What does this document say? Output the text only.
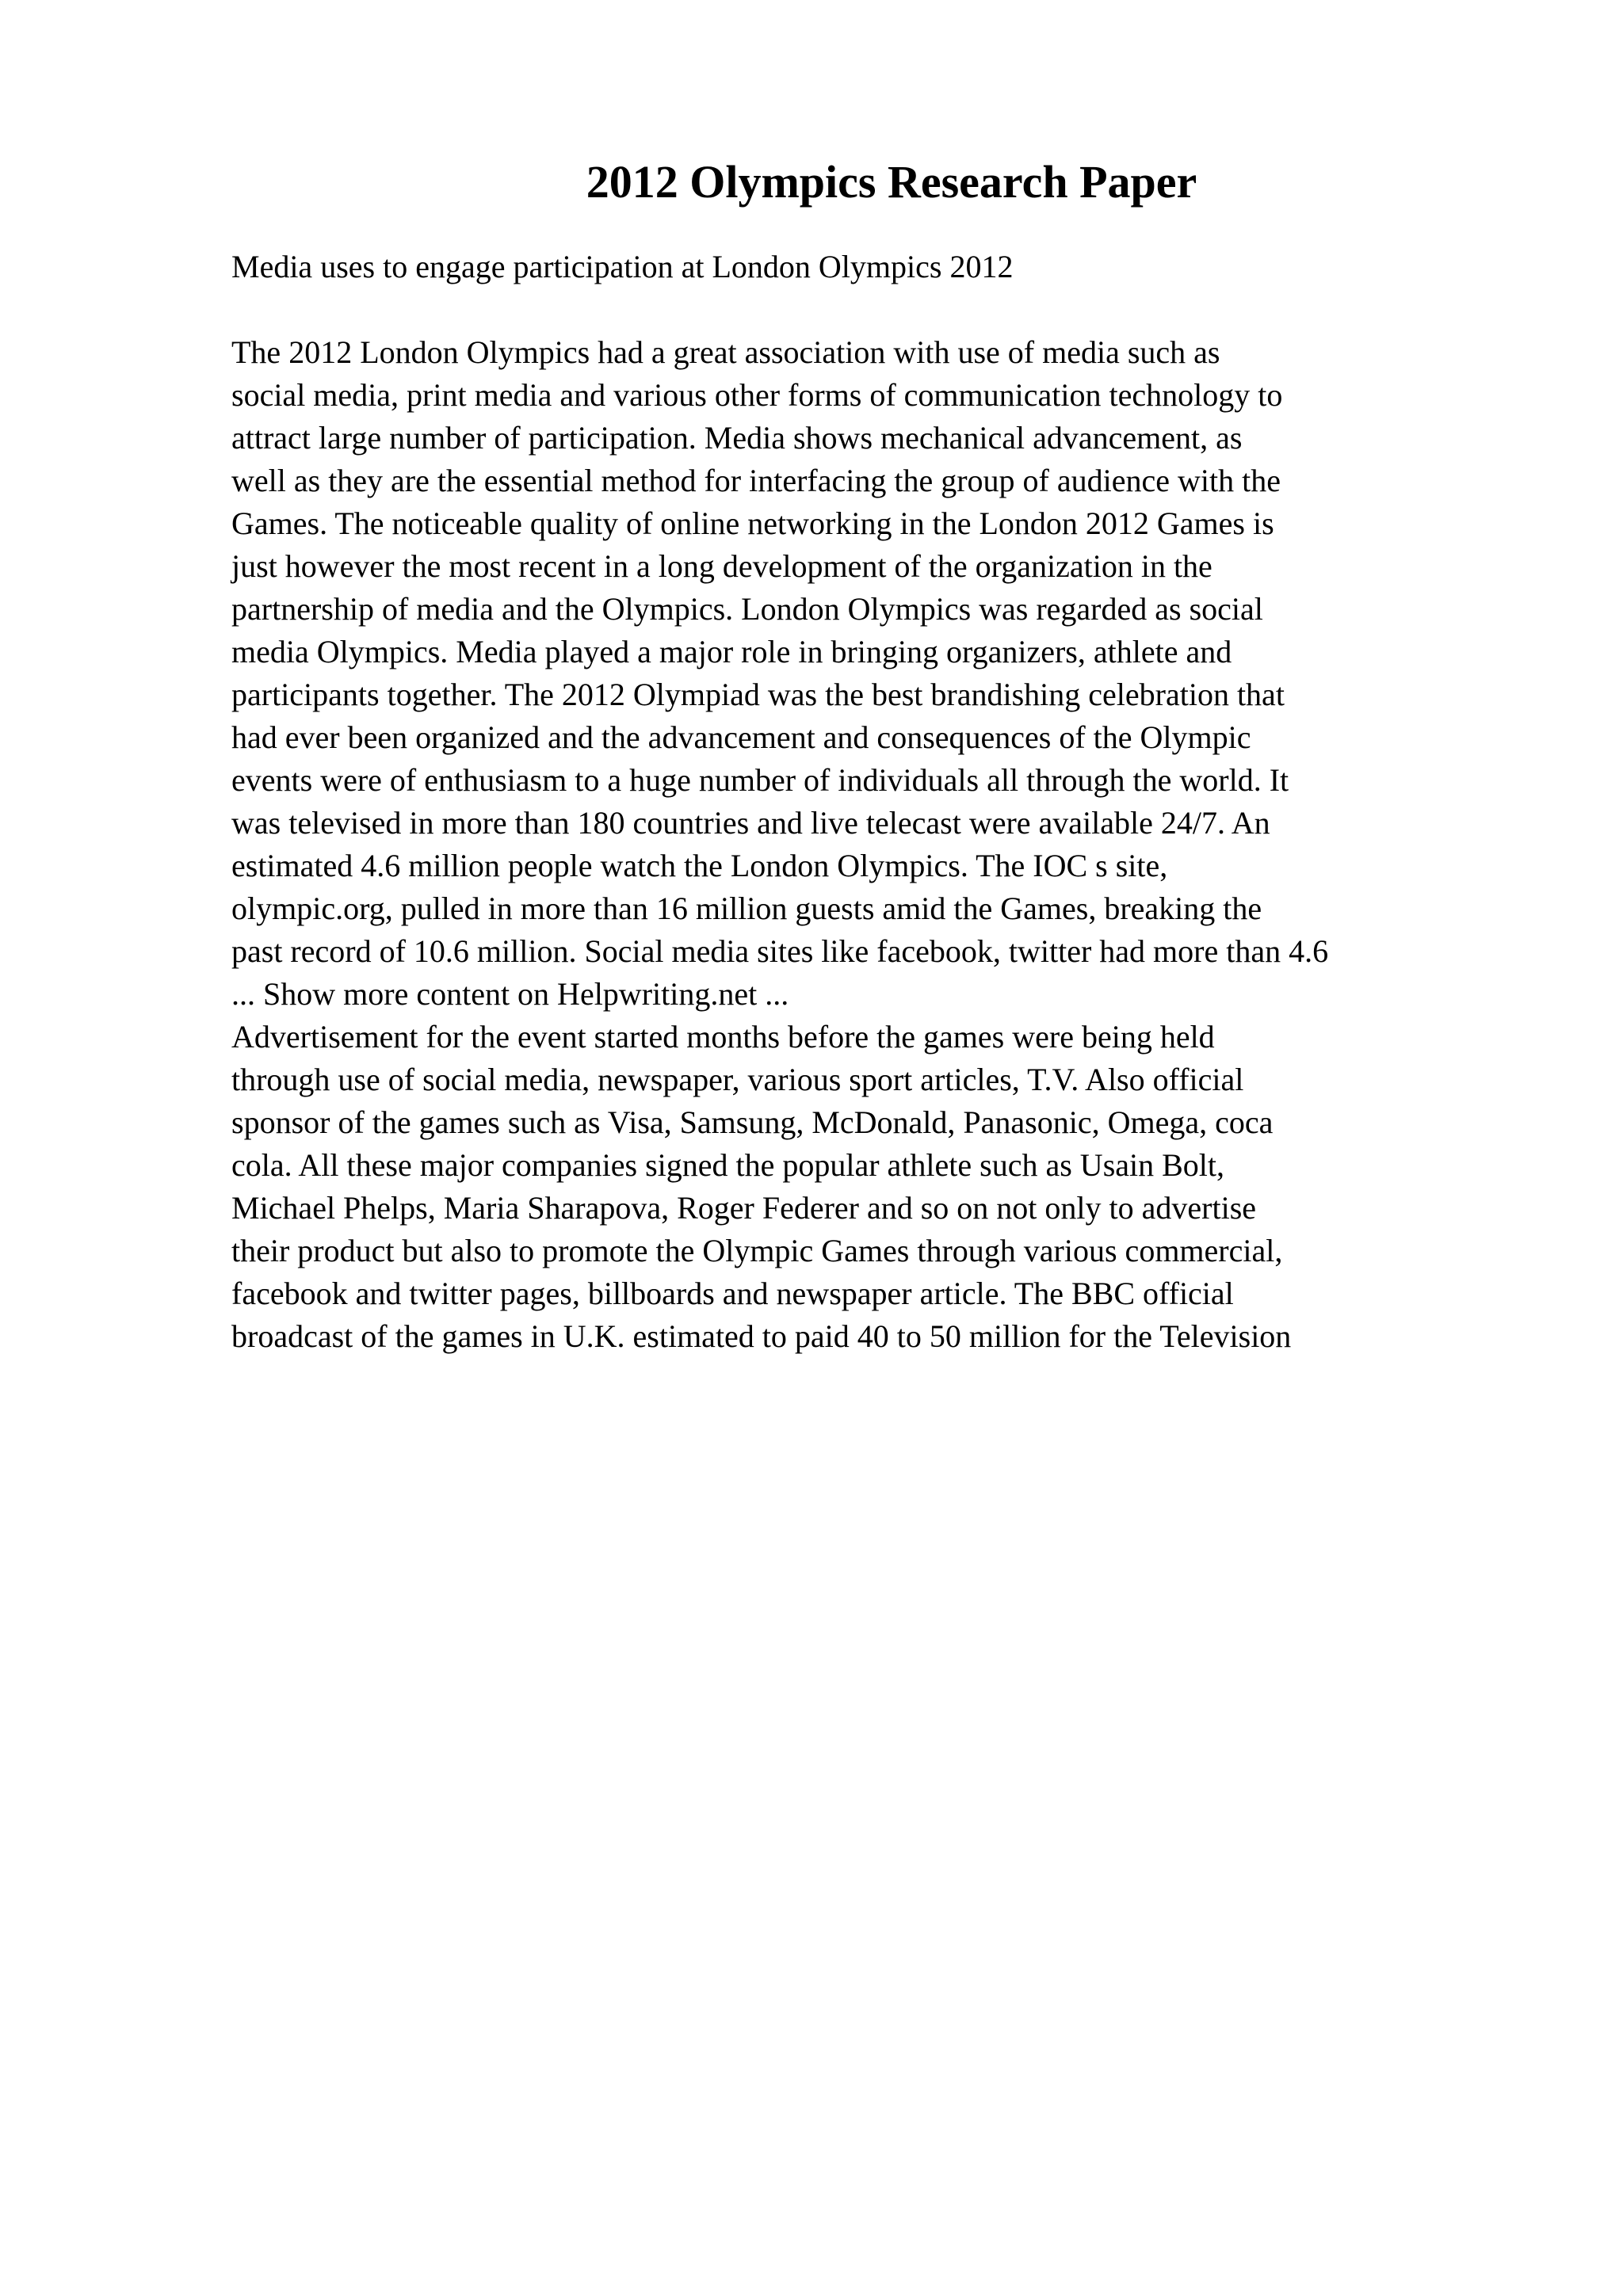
2012 Olympics Research Paper

Media uses to engage participation at London Olympics 2012

The 2012 London Olympics had a great association with use of media such as
social media, print media and various other forms of communication technology to
attract large number of participation. Media shows mechanical advancement, as
well as they are the essential method for interfacing the group of audience with the
Games. The noticeable quality of online networking in the London 2012 Games is
just however the most recent in a long development of the organization in the
partnership of media and the Olympics. London Olympics was regarded as social
media Olympics. Media played a major role in bringing organizers, athlete and
participants together. The 2012 Olympiad was the best brandishing celebration that
had ever been organized and the advancement and consequences of the Olympic
events were of enthusiasm to a huge number of individuals all through the world. It
was televised in more than 180 countries and live telecast were available 24/7. An
estimated 4.6 million people watch the London Olympics. The IOC s site,
olympic.org, pulled in more than 16 million guests amid the Games, breaking the
past record of 10.6 million. Social media sites like facebook, twitter had more than 4.6

... Show more content on Helpwriting.net ...

Advertisement for the event started months before the games were being held
through use of social media, newspaper, various sport articles, T.V. Also official
sponsor of the games such as Visa, Samsung, McDonald, Panasonic, Omega, coca
cola. All these major companies signed the popular athlete such as Usain Bolt,
Michael Phelps, Maria Sharapova, Roger Federer and so on not only to advertise
their product but also to promote the Olympic Games through various commercial,
facebook and twitter pages, billboards and newspaper article. The BBC official
broadcast of the games in U.K. estimated to paid 40 to 50 million for the Television
